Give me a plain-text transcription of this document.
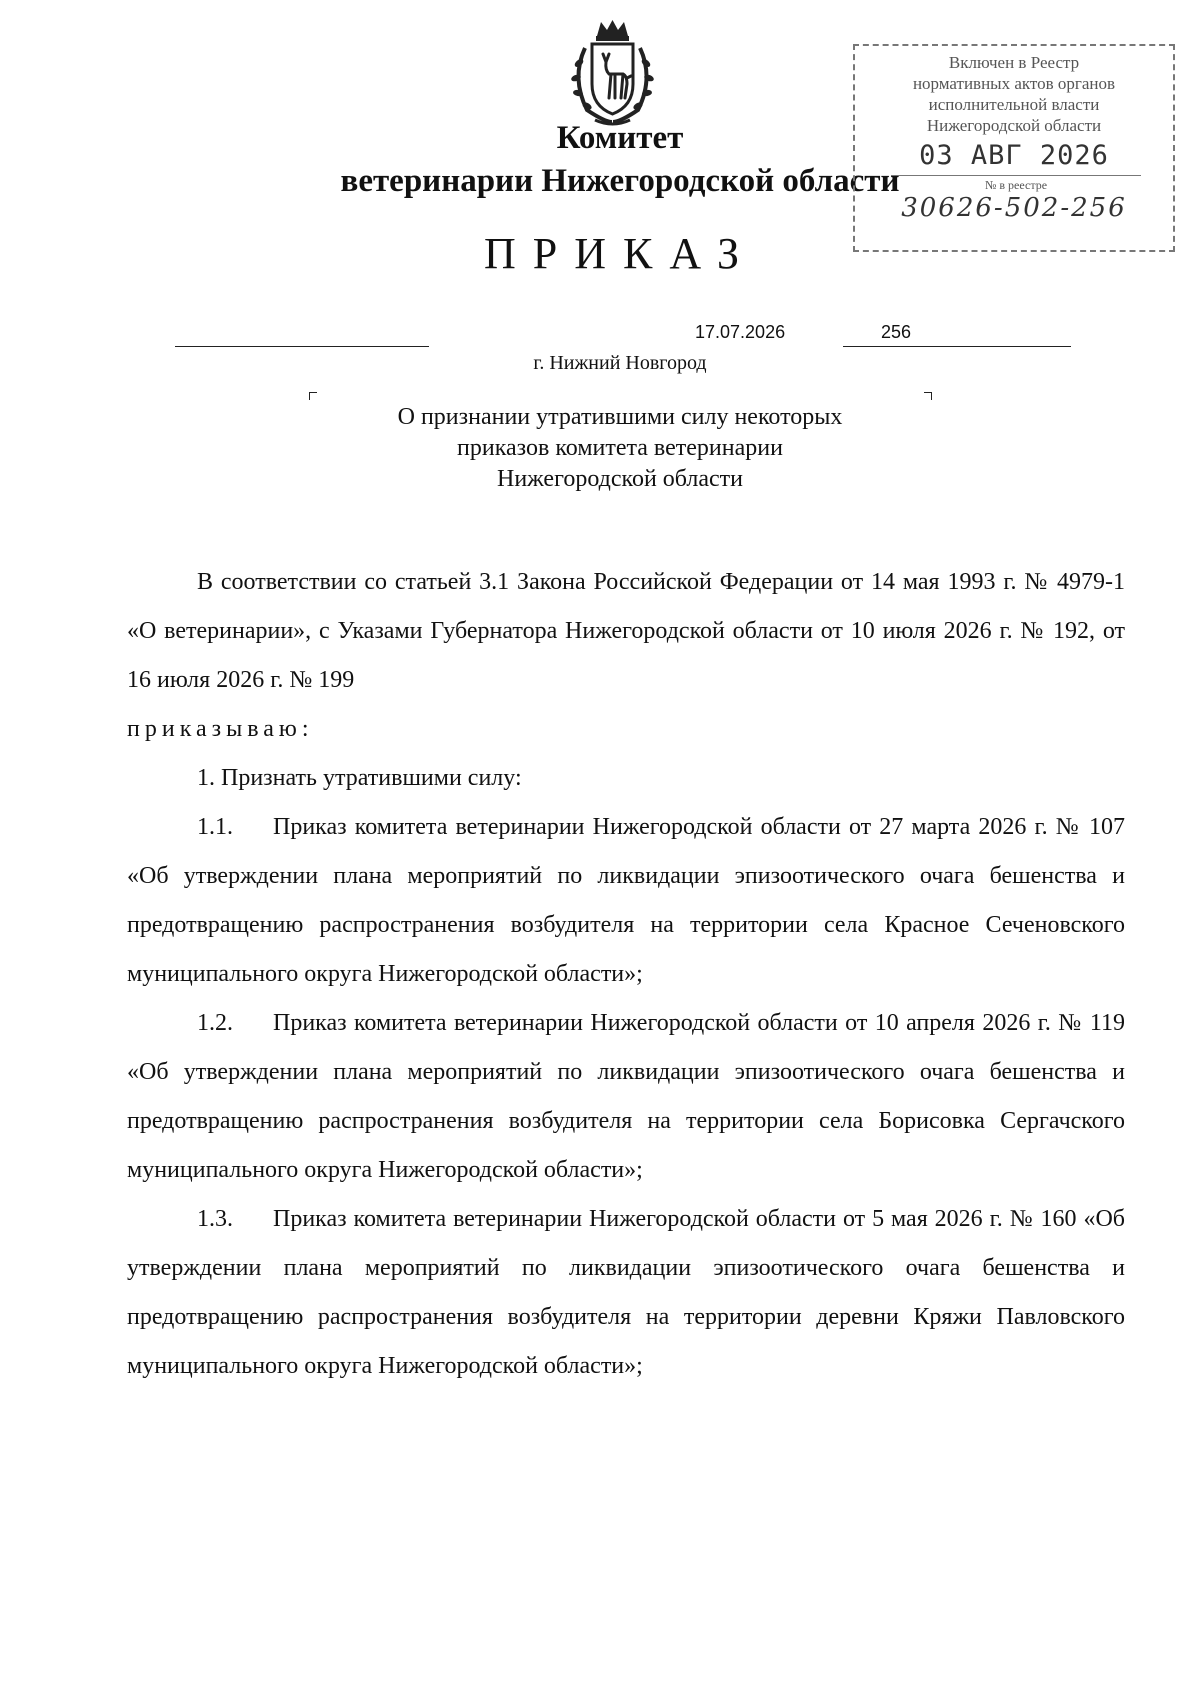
Комитет
ветеринарии Нижегородской области
ПРИКАЗ
Включен в Реестр
нормативных актов органов
исполнительной власти
Нижегородской области
03 АВГ 2026
№ в реестре
30626-502-256
17.07.2026	256
г. Нижний Новгород
О признании утратившими силу некоторых
приказов комитета ветеринарии
Нижегородской области

В соответствии со статьей 3.1 Закона Российской Федерации от 14 мая 1993 г. № 4979-1 «О ветеринарии», с Указами Губернатора Нижегородской области от 10 июля 2026 г. № 192, от 16 июля 2026 г. № 199

приказываю:

1. Признать утратившими силу:

1.1. Приказ комитета ветеринарии Нижегородской области от 27 марта 2026 г. № 107 «Об утверждении плана мероприятий по ликвидации эпизоотического очага бешенства и предотвращению распространения возбудителя на территории села Красное Сеченовского муниципального округа Нижегородской области»;

1.2. Приказ комитета ветеринарии Нижегородской области от 10 апреля 2026 г. № 119 «Об утверждении плана мероприятий по ликвидации эпизоотического очага бешенства и предотвращению распространения возбудителя на территории села Борисовка Сергачского муниципального округа Нижегородской области»;

1.3. Приказ комитета ветеринарии Нижегородской области от 5 мая 2026 г. № 160 «Об утверждении плана мероприятий по ликвидации эпизоотического очага бешенства и предотвращению распространения возбудителя на территории деревни Кряжи Павловского муниципального округа Нижегородской области»;
